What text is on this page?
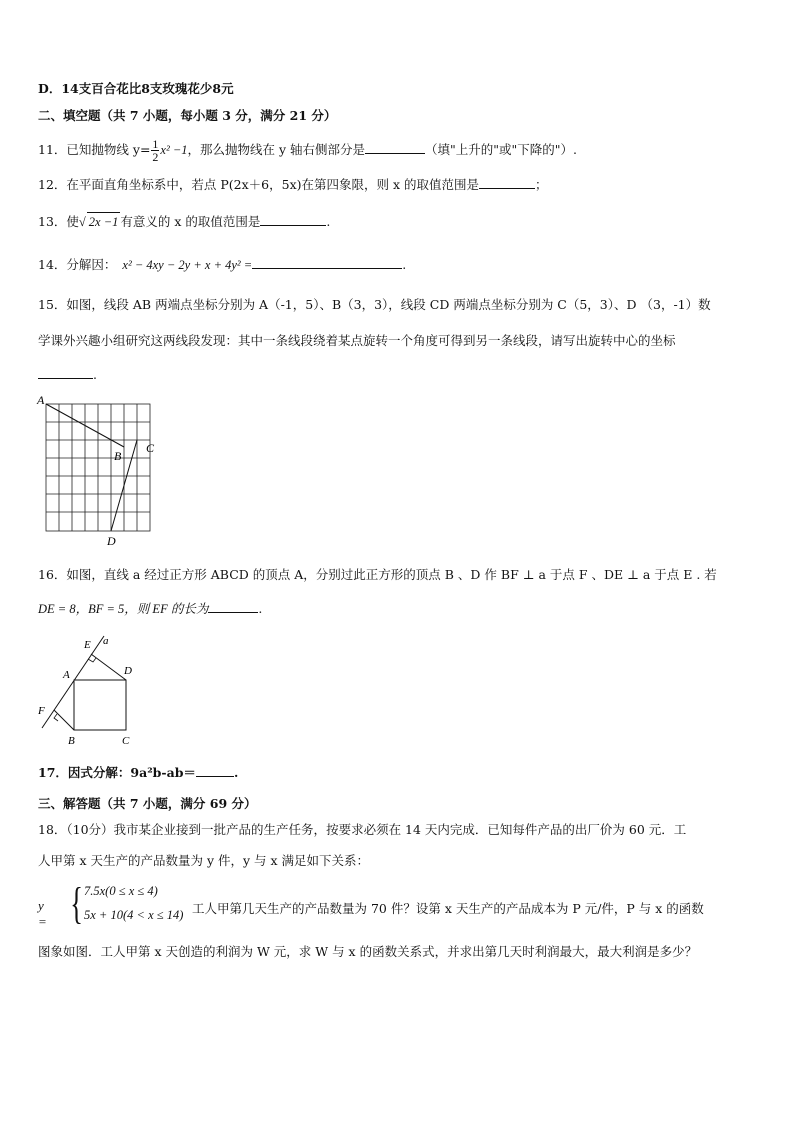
D．14支百合花比8支玫瑰花少8元
二、填空题（共 7 小题，每小题 3 分，满分 21 分）
11．已知抛物线 $y= \frac{1}{2} x^2 -1$，那么抛物线在 y 轴右侧部分是	（填"上升的"或"下降的"）.
12．在平面直角坐标系中，若点 P(2x＋6，5x)在第四象限，则 x 的取值范围是	；
13．使√ 2x −1 有意义的 x 的取值范围是	.
14．分解因： x² − 4xy − 2y + x + 4y² =	.
15．如图，线段 AB 两端点坐标分别为 A（-1，5）、B（3，3），线段 CD 两端点坐标分别为 C（5，3）、D （3，-1）数
学课外兴趣小组研究这两线段发现：其中一条线段绕着某点旋转一个角度可得到另一条线段，请写出旋转中心的坐标
.
A
B
C
D
16．如图，直线 a 经过正方形 ABCD 的顶点 A，分别过此正方形的顶点 B 、D 作 BF ⊥ a 于点 F 、DE ⊥ a 于点 E . 若
DE = 8，BF = 5，则 EF 的长为	.
E a
D
A
F
B	C
17．因式分解：9a²b-ab＝	.
三、解答题（共 7 小题，满分 69 分）
18．（10分）我市某企业接到一批产品的生产任务，按要求必须在 14 天内完成．已知每件产品的出厂价为 60 元．工
人甲第 x 天生产的产品数量为 y 件，y 与 x 满足如下关系：
y = { 7.5x(0 ≤ x ≤ 4)
5x + 10(4 < x ≤ 14) 工人甲第几天生产的产品数量为 70 件？设第 x 天生产的产品成本为 P 元/件，P 与 x 的函数
图象如图．工人甲第 x 天创造的利润为 W 元，求 W 与 x 的函数关系式，并求出第几天时利润最大，最大利润是多少？
